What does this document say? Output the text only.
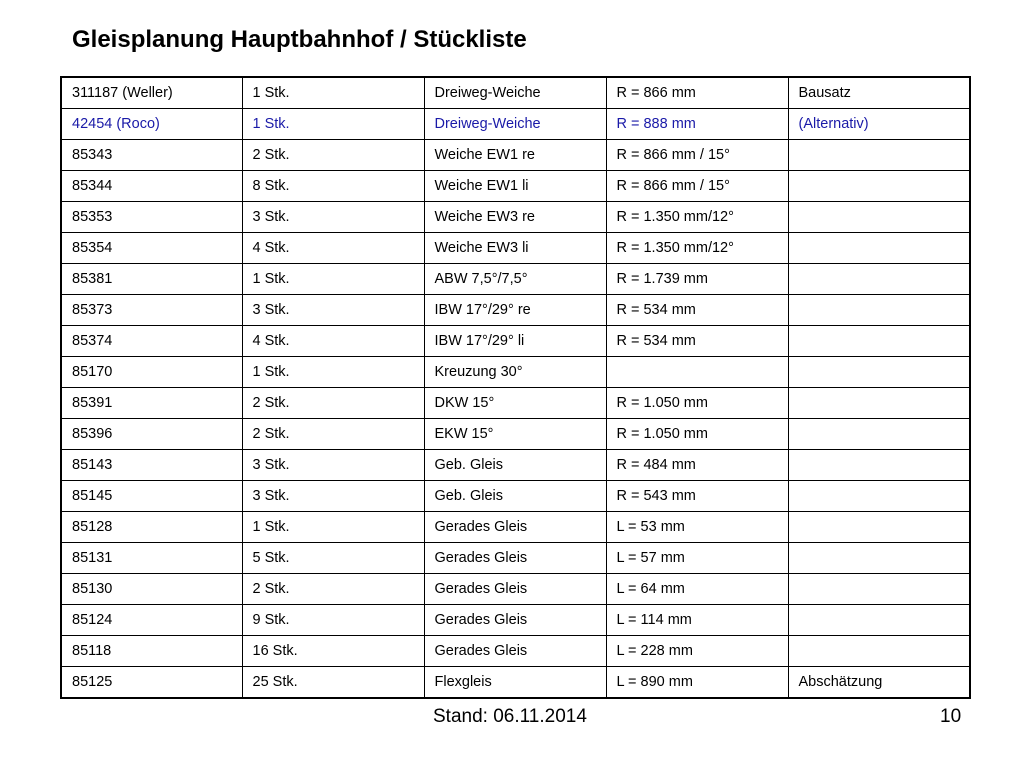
Gleisplanung Hauptbahnhof / Stückliste
311187 (Weller)	1 Stk.	Dreiweg-Weiche	R = 866 mm	Bausatz
42454 (Roco)	1 Stk.	Dreiweg-Weiche	R = 888 mm	(Alternativ)
85343	2 Stk.	Weiche EW1 re	R = 866 mm / 15°	
85344	8 Stk.	Weiche EW1 li	R = 866 mm / 15°	
85353	3 Stk.	Weiche EW3 re	R = 1.350 mm/12°	
85354	4 Stk.	Weiche EW3 li	R = 1.350 mm/12°	
85381	1 Stk.	ABW 7,5°/7,5°	R = 1.739 mm	
85373	3 Stk.	IBW 17°/29° re	R = 534 mm	
85374	4 Stk.	IBW 17°/29° li	R = 534 mm	
85170	1 Stk.	Kreuzung 30°		
85391	2 Stk.	DKW 15°	R = 1.050 mm	
85396	2 Stk.	EKW 15°	R = 1.050 mm	
85143	3 Stk.	Geb. Gleis	R = 484 mm	
85145	3 Stk.	Geb. Gleis	R = 543 mm	
85128	1 Stk.	Gerades Gleis	L = 53 mm	
85131	5 Stk.	Gerades Gleis	L = 57 mm	
85130	2 Stk.	Gerades Gleis	L = 64 mm	
85124	9 Stk.	Gerades Gleis	L = 114 mm	
85118	16 Stk.	Gerades Gleis	L = 228 mm	
85125	25 Stk.	Flexgleis	L = 890 mm	Abschätzung
Stand: 06.11.2014	10
